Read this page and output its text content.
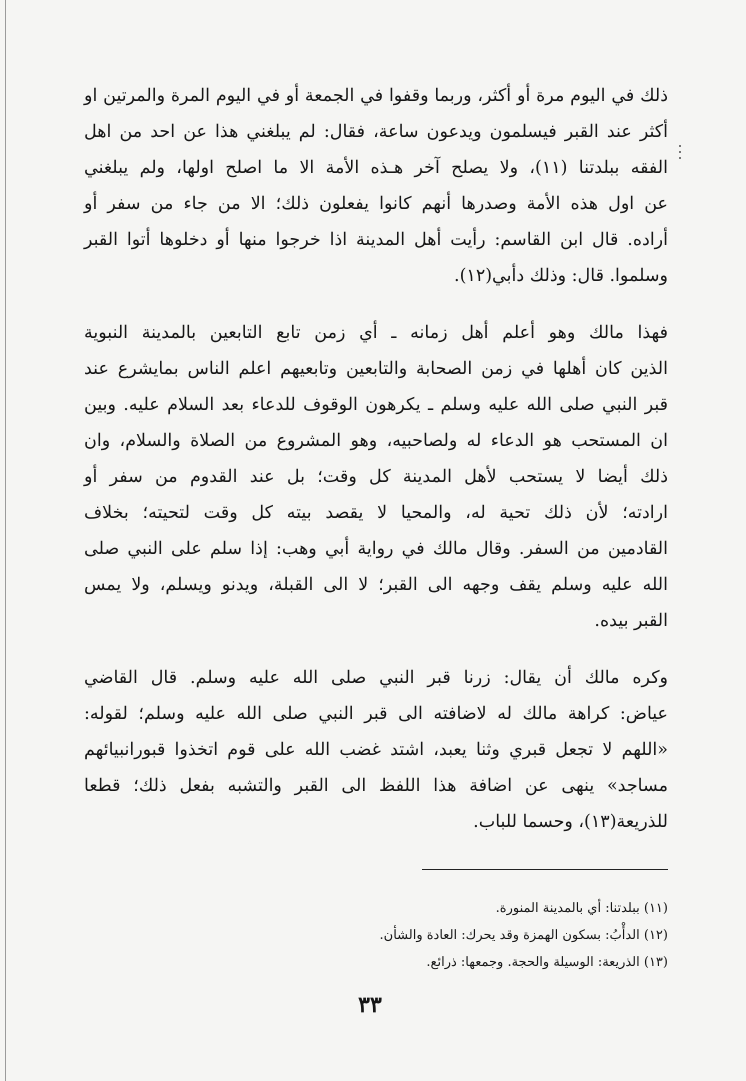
ذلك في اليوم مرة أو أكثر، وربما وقفوا في الجمعة أو في اليوم المرة والمرتين او
أكثر عند القبر فيسلمون ويدعون ساعة، فقال: لم يبلغني هذا عن احد من اهل
الفقه ببلدتنا (١١)، ولا يصلح آخر هـذه الأمة الا ما اصلح اولها، ولم يبلغني
عن اول هذه الأمة وصدرها أنهم كانوا يفعلون ذلك؛ الا من جاء من سفر أو
أراده. قال ابن القاسم: رأيت أهل المدينة اذا خرجوا منها أو دخلوها أتوا القبر
وسلموا. قال: وذلك دأبي(١٢).
فهذا مالك وهو أعلم أهل زمانه ـ أي زمن تابع التابعين بالمدينة النبوية
الذين كان أهلها في زمن الصحابة والتابعين وتابعيهم اعلم الناس بمايشرع عند
قبر النبي صلى الله عليه وسلم ـ يكرهون الوقوف للدعاء بعد السلام عليه. وبين
ان المستحب هو الدعاء له ولصاحبيه، وهو المشروع من الصلاة والسلام، وان
ذلك أيضا لا يستحب لأهل المدينة كل وقت؛ بل عند القدوم من سفر أو
ارادته؛ لأن ذلك تحية له، والمحيا لا يقصد بيته كل وقت لتحيته؛ بخلاف
القادمين من السفر. وقال مالك في رواية أبي وهب: إذا سلم على النبي صلى
الله عليه وسلم يقف وجهه الى القبر؛ لا الى القبلة، ويدنو ويسلم، ولا يمس
القبر بيده.
وكره مالك أن يقال: زرنا قبر النبي صلى الله عليه وسلم. قال القاضي
عياض: كراهة مالك له لاضافته الى قبر النبي صلى الله عليه وسلم؛ لقوله:
«اللهم لا تجعل قبري وثنا يعبد، اشتد غضب الله على قوم اتخذوا قبورانبيائهم
مساجد» ينهى عن اضافة هذا اللفظ الى القبر والتشبه بفعل ذلك؛ قطعا
للذريعة(١٣)، وحسما للباب.
(١١) ببلدتنا: أي بالمدينة المنورة.
(١٢) الدأْبُ: بسكون الهمزة وقد يحرك: العادة والشأن.
(١٣) الذريعة: الوسيلة والحجة. وجمعها: ذرائع.
٣٣
